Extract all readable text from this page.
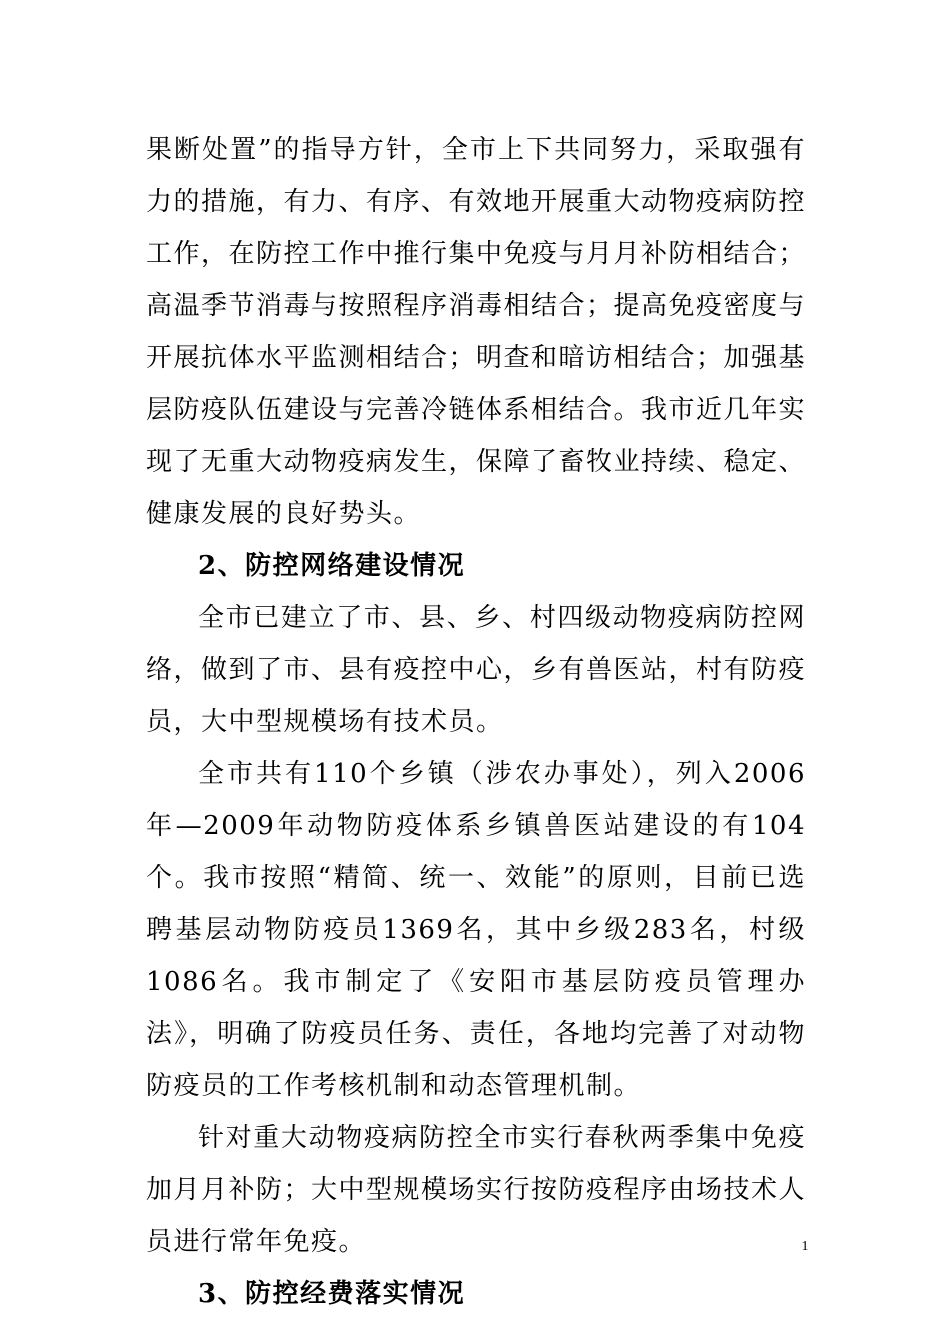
果断处置”的指导方针，全市上下共同努力，采取强有力的措施，有力、有序、有效地开展重大动物疫病防控工作，在防控工作中推行集中免疫与月月补防相结合；高温季节消毒与按照程序消毒相结合；提高免疫密度与开展抗体水平监测相结合；明查和暗访相结合；加强基层防疫队伍建设与完善冷链体系相结合。我市近几年实现了无重大动物疫病发生，保障了畜牧业持续、稳定、健康发展的良好势头。

2、防控网络建设情况

全市已建立了市、县、乡、村四级动物疫病防控网络，做到了市、县有疫控中心，乡有兽医站，村有防疫员，大中型规模场有技术员。

全市共有110个乡镇（涉农办事处），列入2006年—2009年动物防疫体系乡镇兽医站建设的有104个。我市按照“精简、统一、效能”的原则，目前已选聘基层动物防疫员1369名，其中乡级283名，村级1086名。我市制定了《安阳市基层防疫员管理办法》，明确了防疫员任务、责任，各地均完善了对动物防疫员的工作考核机制和动态管理机制。

针对重大动物疫病防控全市实行春秋两季集中免疫加月月补防；大中型规模场实行按防疫程序由场技术人员进行常年免疫。

3、防控经费落实情况

1
